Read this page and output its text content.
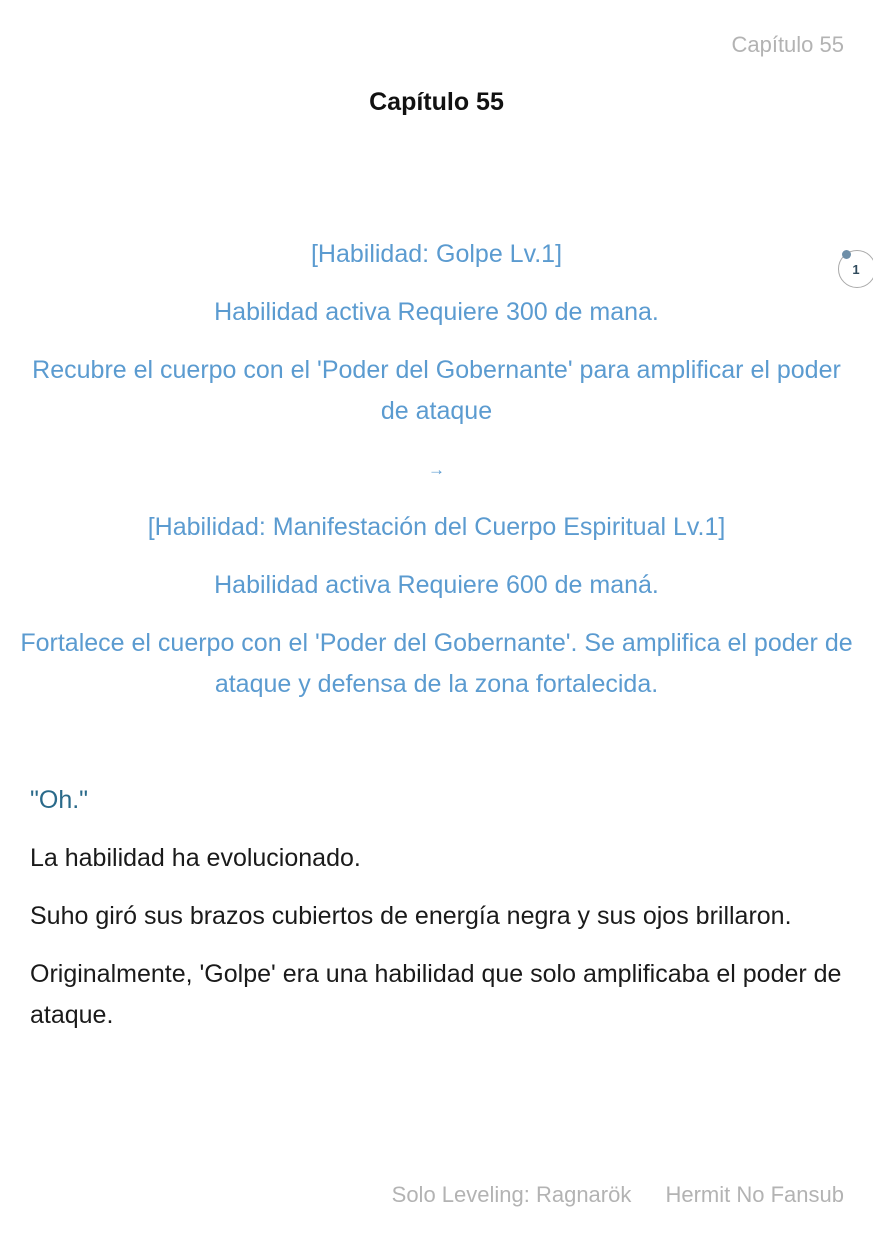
Capítulo 55
Capítulo 55

[Habilidad: Golpe Lv.1]

Habilidad activa Requiere 300 de mana.

Recubre el cuerpo con el 'Poder del Gobernante' para amplificar el poder de ataque

→

[Habilidad: Manifestación del Cuerpo Espiritual Lv.1]

Habilidad activa Requiere 600 de maná.

Fortalece el cuerpo con el 'Poder del Gobernante'. Se amplifica el poder de ataque y defensa de la zona fortalecida.

1

"Oh."

La habilidad ha evolucionado.

Suho giró sus brazos cubiertos de energía negra y sus ojos brillaron.

Originalmente, 'Golpe' era una habilidad que solo amplificaba el poder de ataque.

Solo Leveling: Ragnarök Hermit No Fansub
